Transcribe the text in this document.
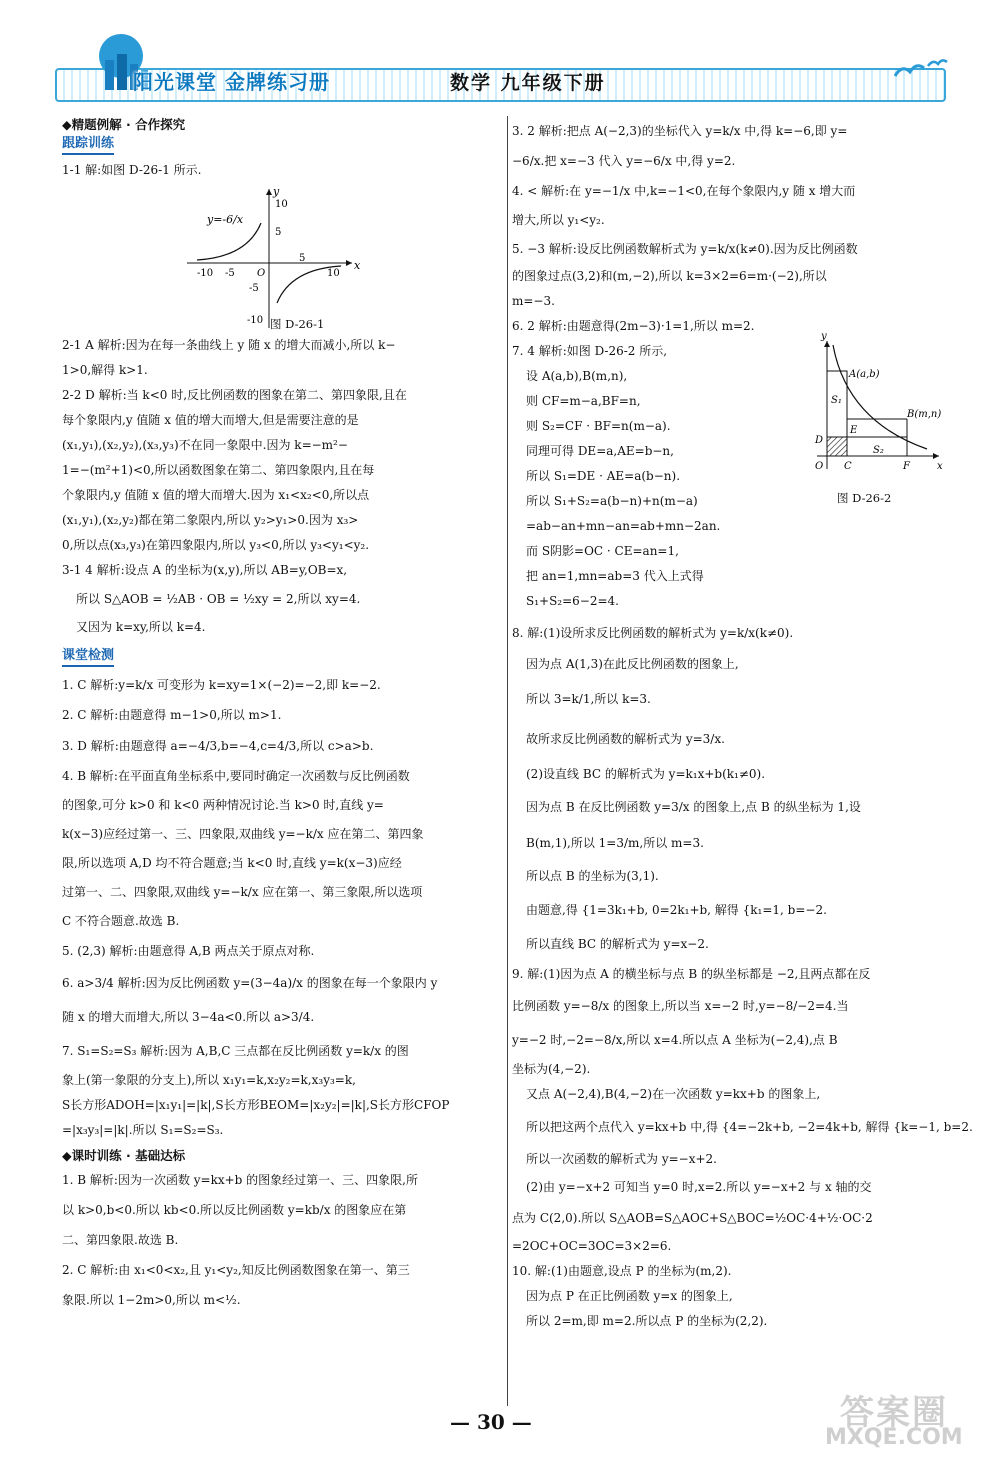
阳光课堂 金牌练习册	数学 九年级下册

◆精题例解 · 合作探究

跟踪训练

1-1 解:如图 D-26-1 所示.

y
x
10
5
-5
-10
-10 -5
5
10
O
y=-6/x
图 D-26-1

2-1 A 解析:因为在每一条曲线上 y 随 x 的增大而减小,所以 k−

1>0,解得 k>1.

2-2 D 解析:当 k<0 时,反比例函数的图象在第二、第四象限,且在

每个象限内,y 值随 x 值的增大而增大,但是需要注意的是

(x₁,y₁),(x₂,y₂),(x₃,y₃)不在同一象限中.因为 k=−m²−

1=−(m²+1)<0,所以函数图象在第二、第四象限内,且在每

个象限内,y 值随 x 值的增大而增大.因为 x₁<x₂<0,所以点

(x₁,y₁),(x₂,y₂)都在第二象限内,所以 y₂>y₁>0.因为 x₃>

0,所以点(x₃,y₃)在第四象限内,所以 y₃<0,所以 y₃<y₁<y₂.

3-1 4 解析:设点 A 的坐标为(x,y),所以 AB=y,OB=x,

所以 S△AOB = ½AB · OB = ½xy = 2,所以 xy=4.

又因为 k=xy,所以 k=4.

课堂检测

1. C 解析:y=k/x 可变形为 k=xy=1×(−2)=−2,即 k=−2.

2. C 解析:由题意得 m−1>0,所以 m>1.

3. D 解析:由题意得 a=−4/3,b=−4,c=4/3,所以 c>a>b.

4. B 解析:在平面直角坐标系中,要同时确定一次函数与反比例函数

的图象,可分 k>0 和 k<0 两种情况讨论.当 k>0 时,直线 y=

k(x−3)应经过第一、三、四象限,双曲线 y=−k/x 应在第二、第四象

限,所以选项 A,D 均不符合题意;当 k<0 时,直线 y=k(x−3)应经

过第一、二、四象限,双曲线 y=−k/x 应在第一、第三象限,所以选项

C 不符合题意.故选 B.

5. (2,3) 解析:由题意得 A,B 两点关于原点对称.

6. a>3/4 解析:因为反比例函数 y=(3−4a)/x 的图象在每一个象限内 y

随 x 的增大而增大,所以 3−4a<0.所以 a>3/4.

7. S₁=S₂=S₃ 解析:因为 A,B,C 三点都在反比例函数 y=k/x 的图

象上(第一象限的分支上),所以 x₁y₁=k,x₂y₂=k,x₃y₃=k,

S长方形ADOH=|x₁y₁|=|k|,S长方形BEOM=|x₂y₂|=|k|,S长方形CFOP

=|x₃y₃|=|k|.所以 S₁=S₂=S₃.

◆课时训练 · 基础达标

1. B 解析:因为一次函数 y=kx+b 的图象经过第一、三、四象限,所

以 k>0,b<0.所以 kb<0.所以反比例函数 y=kb/x 的图象应在第

二、第四象限.故选 B.

2. C 解析:由 x₁<0<x₂,且 y₁<y₂,知反比例函数图象在第一、第三

象限.所以 1−2m>0,所以 m<½.

3. 2 解析:把点 A(−2,3)的坐标代入 y=k/x 中,得 k=−6,即 y=

−6/x.把 x=−3 代入 y=−6/x 中,得 y=2.

4. < 解析:在 y=−1/x 中,k=−1<0,在每个象限内,y 随 x 增大而

增大,所以 y₁<y₂.

5. −3 解析:设反比例函数解析式为 y=k/x(k≠0).因为反比例函数

的图象过点(3,2)和(m,−2),所以 k=3×2=6=m·(−2),所以

m=−3.

6. 2 解析:由题意得(2m−3)·1=1,所以 m=2.

7. 4 解析:如图 D-26-2 所示,

设 A(a,b),B(m,n),

则 CF=m−a,BF=n,

则 S₂=CF · BF=n(m−a).

同理可得 DE=a,AE=b−n,

所以 S₁=DE · AE=a(b−n).

所以 S₁+S₂=a(b−n)+n(m−a)

=ab−an+mn−an=ab+mn−2an.

而 S阴影=OC · CE=an=1,

把 an=1,mn=ab=3 代入上式得

S₁+S₂=6−2=4.

y
x
A(a,b)
B(m,n)
S₁
S₂
D
E
O C	F
图 D-26-2

8. 解:(1)设所求反比例函数的解析式为 y=k/x(k≠0).

因为点 A(1,3)在此反比例函数的图象上,

所以 3=k/1,所以 k=3.

故所求反比例函数的解析式为 y=3/x.

(2)设直线 BC 的解析式为 y=k₁x+b(k₁≠0).

因为点 B 在反比例函数 y=3/x 的图象上,点 B 的纵坐标为 1,设

B(m,1),所以 1=3/m,所以 m=3.

所以点 B 的坐标为(3,1).

由题意,得 {1=3k₁+b, 0=2k₁+b, 解得 {k₁=1, b=−2.

所以直线 BC 的解析式为 y=x−2.

9. 解:(1)因为点 A 的横坐标与点 B 的纵坐标都是 −2,且两点都在反

比例函数 y=−8/x 的图象上,所以当 x=−2 时,y=−8/−2=4.当

y=−2 时,−2=−8/x,所以 x=4.所以点 A 坐标为(−2,4),点 B

坐标为(4,−2).

又点 A(−2,4),B(4,−2)在一次函数 y=kx+b 的图象上,

所以把这两个点代入 y=kx+b 中,得 {4=−2k+b, −2=4k+b, 解得 {k=−1, b=2.

所以一次函数的解析式为 y=−x+2.

(2)由 y=−x+2 可知当 y=0 时,x=2.所以 y=−x+2 与 x 轴的交

点为 C(2,0).所以 S△AOB=S△AOC+S△BOC=½OC·4+½·OC·2

=2OC+OC=3OC=3×2=6.

10. 解:(1)由题意,设点 P 的坐标为(m,2).

因为点 P 在正比例函数 y=x 的图象上,

所以 2=m,即 m=2.所以点 P 的坐标为(2,2).

— 30 —	答案圈
MXQE.COM
